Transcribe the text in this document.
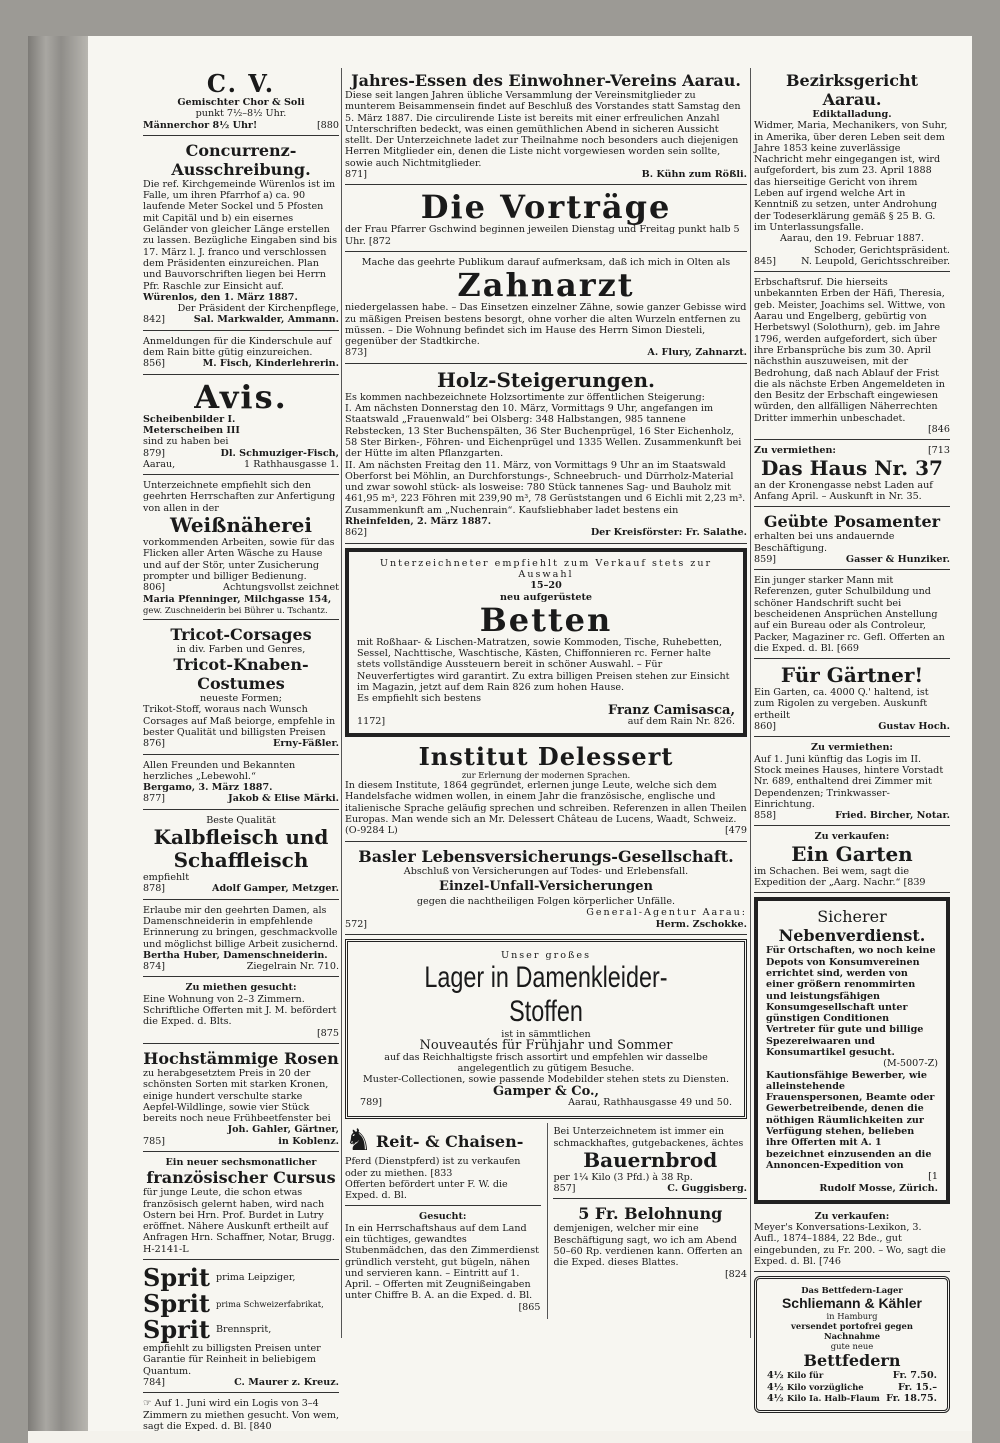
C. V.
Gemischter Chor & Soli
punkt 7½–8½ Uhr.
Männerchor 8½ Uhr!	[880
Concurrenz-Ausschreibung.
Die ref. Kirchgemeinde Würenlos ist im Falle, um ihren Pfarrhof a) ca. 90 laufende Meter Sockel und 5 Pfosten mit Capitäl und b) ein eisernes Geländer von gleicher Länge erstellen zu lassen. Bezügliche Eingaben sind bis 17. März l. J. franco und verschlossen dem Präsidenten einzureichen. Plan und Bauvorschriften liegen bei Herrn Pfr. Raschle zur Einsicht auf.
Würenlos, den 1. März 1887.
Der Präsident der Kirchenpflege,
842]	Sal. Markwalder, Ammann.
Anmeldungen für die Kinderschule auf dem Rain bitte gütig einzureichen.
856]	M. Fisch, Kinderlehrerin.
Avis.
Scheibenbilder I.
Meterscheiben III
sind zu haben bei
879]	Dl. Schmuziger-Fisch,
Aarau,	1 Rathhausgasse 1.
Unterzeichnete empfiehlt sich den geehrten Herrschaften zur Anfertigung von allen in der
Weißnäherei
vorkommenden Arbeiten, sowie für das Flicken aller Arten Wäsche zu Hause und auf der Stör, unter Zusicherung prompter und billiger Bedienung.
806]	Achtungsvollst zeichnet
Maria Pfenninger, Milchgasse 154,
gew. Zuschneiderin bei Bührer u. Tschantz.
Tricot-Corsages
in div. Farben und Genres,
Tricot-Knaben-Costumes
neueste Formen;
Trikot-Stoff, woraus nach Wunsch Corsages auf Maß beiorge, empfehle in bester Qualität und billigsten Preisen
876]	Erny-Fäßler.
Allen Freunden und Bekannten herzliches „Lebewohl.“
Bergamo, 3. März 1887.
877]	Jakob & Elise Märki.
Beste Qualität
Kalbfleisch und Schaffleisch
empfiehlt
878]	Adolf Gamper, Metzger.
Erlaube mir den geehrten Damen, als Damenschneiderin in empfehlende Erinnerung zu bringen, geschmackvolle und möglichst billige Arbeit zusichernd.
Bertha Huber, Damenschneiderin.
874]	Ziegelrain Nr. 710.
Zu miethen gesucht:
Eine Wohnung von 2–3 Zimmern. Schriftliche Offerten mit J. M. befördert die Exped. d. Blts.
[875
Hochstämmige Rosen
zu herabgesetztem Preis in 20 der schönsten Sorten mit starken Kronen, einige hundert verschulte starke Aepfel-Wildlinge, sowie vier Stück bereits noch neue Frühbeetfenster bei
Joh. Gahler, Gärtner,
785]	in Koblenz.
Ein neuer sechsmonatlicher
französischer Cursus
für junge Leute, die schon etwas französisch gelernt haben, wird nach Ostern bei Hrn. Prof. Burdet in Lutry eröffnet. Nähere Auskunft ertheilt auf Anfragen Hrn. Schaffner, Notar, Brugg. H-2141-L
Sprit prima Leipziger,
Sprit prima Schweizerfabrikat,
Sprit Brennsprit,
empfiehlt zu billigsten Preisen unter Garantie für Reinheit in beliebigem Quantum.
784]	C. Maurer z. Kreuz.
☞ Auf 1. Juni wird ein Logis von 3–4 Zimmern zu miethen gesucht. Von wem, sagt die Exped. d. Bl. [840
Jahres-Essen des Einwohner-Vereins Aarau.
Diese seit langen Jahren übliche Versammlung der Vereinsmitglieder zu munterem Beisammensein findet auf Beschluß des Vorstandes statt Samstag den 5. März 1887. Die circulirende Liste ist bereits mit einer erfreulichen Anzahl Unterschriften bedeckt, was einen gemüthlichen Abend in sicheren Aussicht stellt. Der Unterzeichnete ladet zur Theilnahme noch besonders auch diejenigen Herren Mitglieder ein, denen die Liste nicht vorgewiesen worden sein sollte, sowie auch Nichtmitglieder.
871]	B. Kühn zum Rößli.
Die Vorträge
der Frau Pfarrer Gschwind beginnen jeweilen Dienstag und Freitag punkt halb 5 Uhr. [872
Mache das geehrte Publikum darauf aufmerksam, daß ich mich in Olten als
Zahnarzt
niedergelassen habe. – Das Einsetzen einzelner Zähne, sowie ganzer Gebisse wird zu mäßigen Preisen bestens besorgt, ohne vorher die alten Wurzeln entfernen zu müssen. – Die Wohnung befindet sich im Hause des Herrn Simon Diesteli, gegenüber der Stadtkirche.
873]	A. Flury, Zahnarzt.
Holz-Steigerungen.
Es kommen nachbezeichnete Holzsortimente zur öffentlichen Steigerung:
I. Am nächsten Donnerstag den 10. März, Vormittags 9 Uhr, angefangen im Staatswald „Frauenwald“ bei Olsberg: 348 Halbstangen, 985 tannene Rebstecken, 13 Ster Buchenspälten, 36 Ster Buchenprügel, 16 Ster Eichenholz, 58 Ster Birken-, Föhren- und Eichenprügel und 1335 Wellen. Zusammenkunft bei der Hütte im alten Pflanzgarten.
II. Am nächsten Freitag den 11. März, von Vormittags 9 Uhr an im Staatswald Oberforst bei Möhlin, an Durchforstungs-, Schneebruch- und Dürrholz-Material und zwar sowohl stück- als losweise: 780 Stück tannenes Sag- und Bauholz mit 461,95 m³, 223 Föhren mit 239,90 m³, 78 Gerüststangen und 6 Eichli mit 2,23 m³. Zusammenkunft am „Nuchenrain“. Kaufsliebhaber ladet bestens ein
Rheinfelden, 2. März 1887.
862]	Der Kreisförster: Fr. Salathe.
Unterzeichneter empfiehlt zum Verkauf stets zur Auswahl
15–20
neu aufgerüstete
Betten
mit Roßhaar- & Lischen-Matratzen, sowie Kommoden, Tische, Ruhebetten, Sessel, Nachttische, Waschtische, Kästen, Chiffonnieren rc. Ferner halte stets vollständige Aussteuern bereit in schöner Auswahl. – Für Neuverfertigtes wird garantirt. Zu extra billigen Preisen stehen zur Einsicht im Magazin, jetzt auf dem Rain 826 zum hohen Hause.
Es empfiehlt sich bestens
Franz Camisasca,
1172]	auf dem Rain Nr. 826.
Institut Delessert
zur Erlernung der modernen Sprachen.
In diesem Institute, 1864 gegründet, erlernen junge Leute, welche sich dem Handelsfache widmen wollen, in einem Jahr die französische, englische und italienische Sprache geläufig sprechen und schreiben. Referenzen in allen Theilen Europas. Man wende sich an Mr. Delessert Château de Lucens, Waadt, Schweiz.
(O-9284 L)	[479
Basler Lebensversicherungs-Gesellschaft.
Abschluß von Versicherungen auf Todes- und Erlebensfall.
Einzel-Unfall-Versicherungen
gegen die nachtheiligen Folgen körperlicher Unfälle.
General-Agentur Aarau:
572]	Herm. Zschokke.
Unser großes
Lager in Damenkleider-Stoffen
ist in sämmtlichen
Nouveautés für Frühjahr und Sommer
auf das Reichhaltigste frisch assortirt und empfehlen wir dasselbe angelegentlich zu gütigem Besuche.
Muster-Collectionen, sowie passende Modebilder stehen stets zu Diensten.
Gamper & Co.,
789]	Aarau, Rathhausgasse 49 und 50.
♞ Reit- & Chaisen-
Pferd (Dienstpferd) ist zu verkaufen oder zu miethen. [833
Offerten befördert unter F. W. die Exped. d. Bl.
Gesucht:
In ein Herrschaftshaus auf dem Land ein tüchtiges, gewandtes Stubenmädchen, das den Zimmerdienst gründlich versteht, gut bügeln, nähen und servieren kann. – Eintritt auf 1. April. – Offerten mit Zeugnißeingaben unter Chiffre B. A. an die Exped. d. Bl.
[865
Bei Unterzeichnetem ist immer ein schmackhaftes, gutgebackenes, ächtes
Bauernbrod
per 1¼ Kilo (3 Pfd.) à 38 Rp.
857]	C. Guggisberg.
5 Fr. Belohnung
demjenigen, welcher mir eine Beschäftigung sagt, wo ich am Abend 50–60 Rp. verdienen kann. Offerten an die Exped. dieses Blattes.
[824
Bezirksgericht Aarau.
Ediktalladung.
Widmer, Maria, Mechanikers, von Suhr, in Amerika, über deren Leben seit dem Jahre 1853 keine zuverlässige Nachricht mehr eingegangen ist, wird aufgefordert, bis zum 23. April 1888 das hierseitige Gericht von ihrem Leben auf irgend welche Art in Kenntniß zu setzen, unter Androhung der Todeserklärung gemäß § 25 B. G. im Unterlassungsfalle.
Aarau, den 19. Februar 1887.
Schoder, Gerichtspräsident.
845]	N. Leupold, Gerichtsschreiber.
Erbschaftsruf. Die hierseits unbekannten Erben der Häfi, Theresia, geb. Meister, Joachims sel. Wittwe, von Aarau und Engelberg, gebürtig von Herbetswyl (Solothurn), geb. im Jahre 1796, werden aufgefordert, sich über ihre Erbansprüche bis zum 30. April nächsthin auszuweisen, mit der Bedrohung, daß nach Ablauf der Frist die als nächste Erben Angemeldeten in den Besitz der Erbschaft eingewiesen würden, den allfälligen Näherrechten Dritter immerhin unbeschadet.
[846
Zu vermiethen:	[713
Das Haus Nr. 37
an der Kronengasse nebst Laden auf Anfang April. – Auskunft in Nr. 35.
Geübte Posamenter
erhalten bei uns andauernde Beschäftigung.
859]	Gasser & Hunziker.
Ein junger starker Mann mit Referenzen, guter Schulbildung und schöner Handschrift sucht bei bescheidenen Ansprüchen Anstellung auf ein Bureau oder als Controleur, Packer, Magaziner rc. Gefl. Offerten an die Exped. d. Bl. [669
Für Gärtner!
Ein Garten, ca. 4000 Q.' haltend, ist zum Rigolen zu vergeben. Auskunft ertheilt
860]	Gustav Hoch.
Zu vermiethen:
Auf 1. Juni künftig das Logis im II. Stock meines Hauses, hintere Vorstadt Nr. 689, enthaltend drei Zimmer mit Dependenzen; Trinkwasser-Einrichtung.
858]	Fried. Bircher, Notar.
Zu verkaufen:
Ein Garten
im Schachen. Bei wem, sagt die Expedition der „Aarg. Nachr.“ [839
Sicherer
Nebenverdienst.
Für Ortschaften, wo noch keine Depots von Konsumvereinen errichtet sind, werden von einer größern renommirten und leistungsfähigen Konsumgesellschaft unter günstigen Conditionen Vertreter für gute und billige Spezereiwaaren und Konsumartikel gesucht.
(M-5007-Z)
Kautionsfähige Bewerber, wie alleinstehende Frauenspersonen, Beamte oder Gewerbetreibende, denen die nöthigen Räumlichkeiten zur Verfügung stehen, belieben ihre Offerten mit A. 1 bezeichnet einzusenden an die Annoncen-Expedition von
[1
Rudolf Mosse, Zürich.
Zu verkaufen:
Meyer's Konversations-Lexikon, 3. Aufl., 1874–1884, 22 Bde., gut eingebunden, zu Fr. 200. – Wo, sagt die Exped. d. Bl. [746
Das Bettfedern-Lager
Schliemann & Kähler
in Hamburg
versendet portofrei gegen Nachnahme
gute neue
Bettfedern
4½ Kilo für	Fr. 7.50.
4½ Kilo vorzügliche	Fr. 15.–
4½ Kilo Ia. Halb-Flaum Fr. 18.75.
